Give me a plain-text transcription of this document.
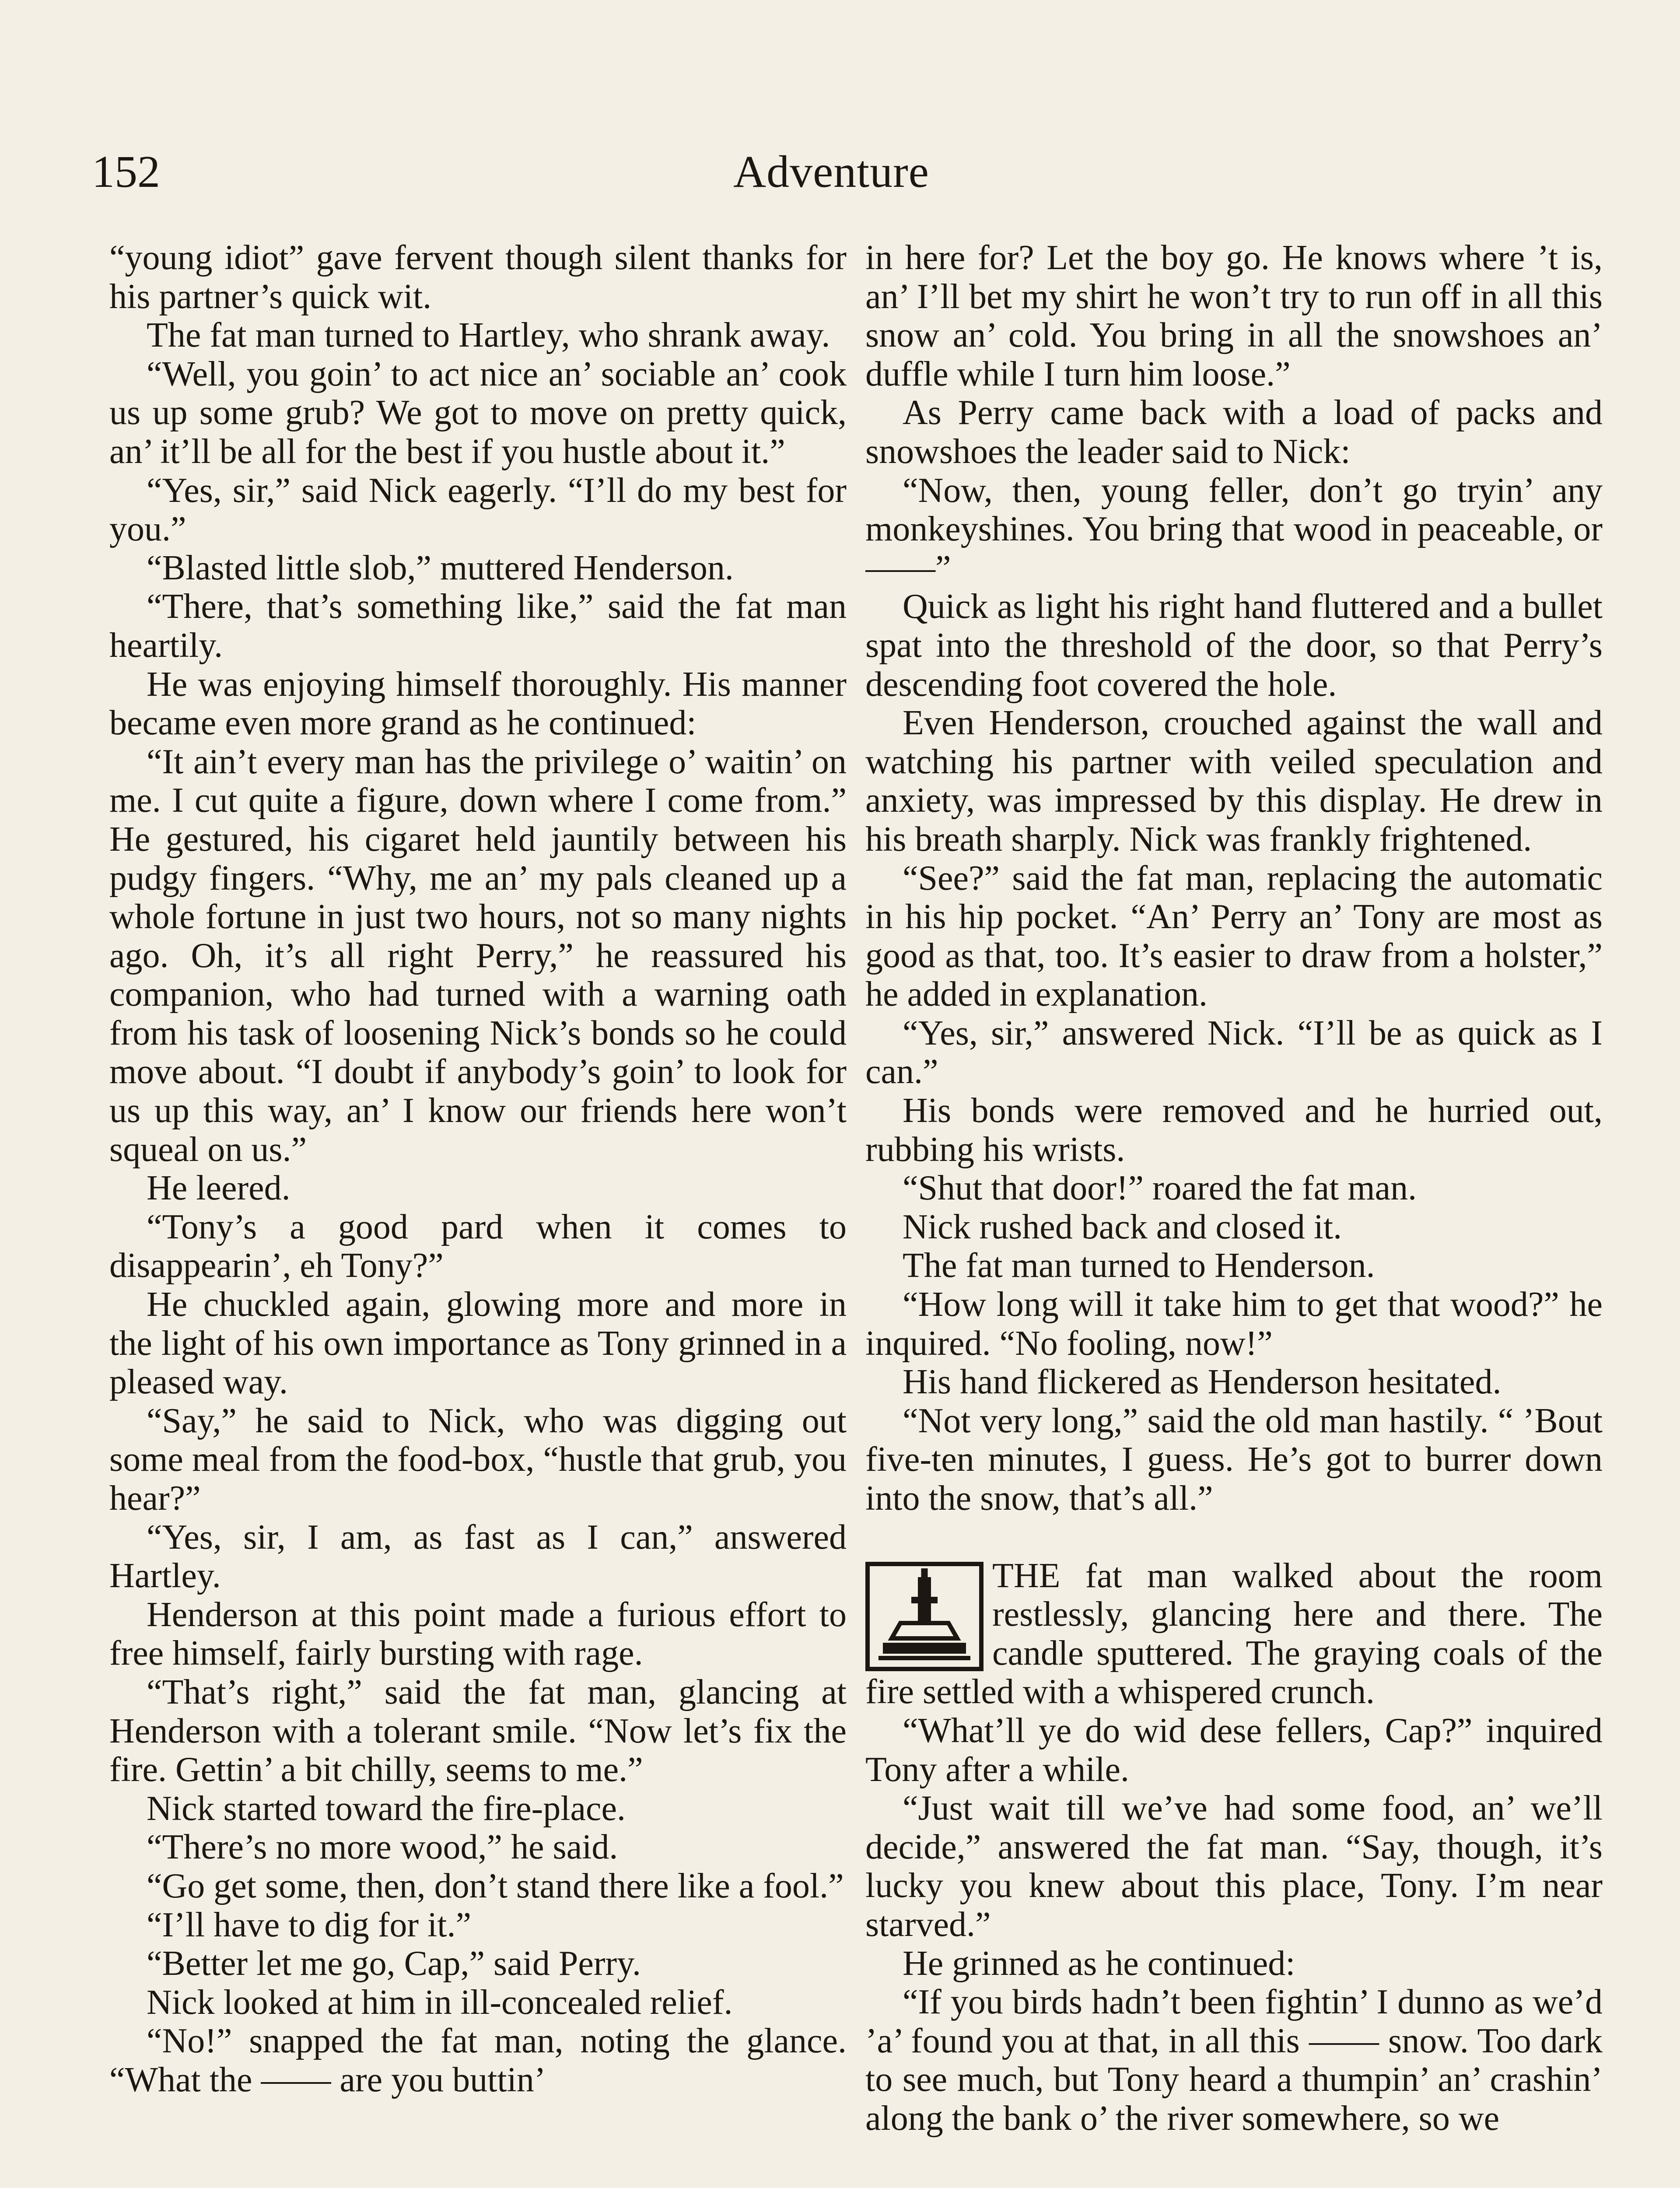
152	Adventure

“young idiot” gave fervent though silent thanks for his partner’s quick wit.

The fat man turned to Hartley, who shrank away.

“Well, you goin’ to act nice an’ sociable an’ cook us up some grub? We got to move on pretty quick, an’ it’ll be all for the best if you hustle about it.”

“Yes, sir,” said Nick eagerly. “I’ll do my best for you.”

“Blasted little slob,” muttered Henderson.

“There, that’s something like,” said the fat man heartily.

He was enjoying himself thoroughly. His manner became even more grand as he continued:

“It ain’t every man has the privilege o’ waitin’ on me. I cut quite a figure, down where I come from.” He gestured, his cigaret held jauntily between his pudgy fingers. “Why, me an’ my pals cleaned up a whole fortune in just two hours, not so many nights ago. Oh, it’s all right Perry,” he reassured his companion, who had turned with a warning oath from his task of loosening Nick’s bonds so he could move about. “I doubt if anybody’s goin’ to look for us up this way, an’ I know our friends here won’t squeal on us.”

He leered.

“Tony’s a good pard when it comes to disappearin’, eh Tony?”

He chuckled again, glowing more and more in the light of his own importance as Tony grinned in a pleased way.

“Say,” he said to Nick, who was digging out some meal from the food-box, “hustle that grub, you hear?”

“Yes, sir, I am, as fast as I can,” answered Hartley.

Henderson at this point made a furious effort to free himself, fairly bursting with rage.

“That’s right,” said the fat man, glancing at Henderson with a tolerant smile. “Now let’s fix the fire. Gettin’ a bit chilly, seems to me.”

Nick started toward the fire-place.

“There’s no more wood,” he said.

“Go get some, then, don’t stand there like a fool.”

“I’ll have to dig for it.”

“Better let me go, Cap,” said Perry.

Nick looked at him in ill-concealed relief.

“No!” snapped the fat man, noting the glance. “What the —— are you buttin’

in here for? Let the boy go. He knows where ’t is, an’ I’ll bet my shirt he won’t try to run off in all this snow an’ cold. You bring in all the snowshoes an’ duffle while I turn him loose.”

As Perry came back with a load of packs and snowshoes the leader said to Nick:

“Now, then, young feller, don’t go tryin’ any monkeyshines. You bring that wood in peaceable, or——”

Quick as light his right hand fluttered and a bullet spat into the threshold of the door, so that Perry’s descending foot covered the hole.

Even Henderson, crouched against the wall and watching his partner with veiled speculation and anxiety, was impressed by this display. He drew in his breath sharply. Nick was frankly frightened.

“See?” said the fat man, replacing the automatic in his hip pocket. “An’ Perry an’ Tony are most as good as that, too. It’s easier to draw from a holster,” he added in explanation.

“Yes, sir,” answered Nick. “I’ll be as quick as I can.”

His bonds were removed and he hurried out, rubbing his wrists.

“Shut that door!” roared the fat man.

Nick rushed back and closed it.

The fat man turned to Henderson.

“How long will it take him to get that wood?” he inquired. “No fooling, now!”

His hand flickered as Henderson hesitated.

“Not very long,” said the old man hastily. “ ’Bout five-ten minutes, I guess. He’s got to burrer down into the snow, that’s all.”

THE fat man walked about the room restlessly, glancing here and there. The candle sputtered. The graying coals of the fire settled with a whispered crunch.

“What’ll ye do wid dese fellers, Cap?” inquired Tony after a while.

“Just wait till we’ve had some food, an’ we’ll decide,” answered the fat man. “Say, though, it’s lucky you knew about this place, Tony. I’m near starved.”

He grinned as he continued:

“If you birds hadn’t been fightin’ I dunno as we’d ’a’ found you at that, in all this —— snow. Too dark to see much, but Tony heard a thumpin’ an’ crashin’ along the bank o’ the river somewhere, so we
